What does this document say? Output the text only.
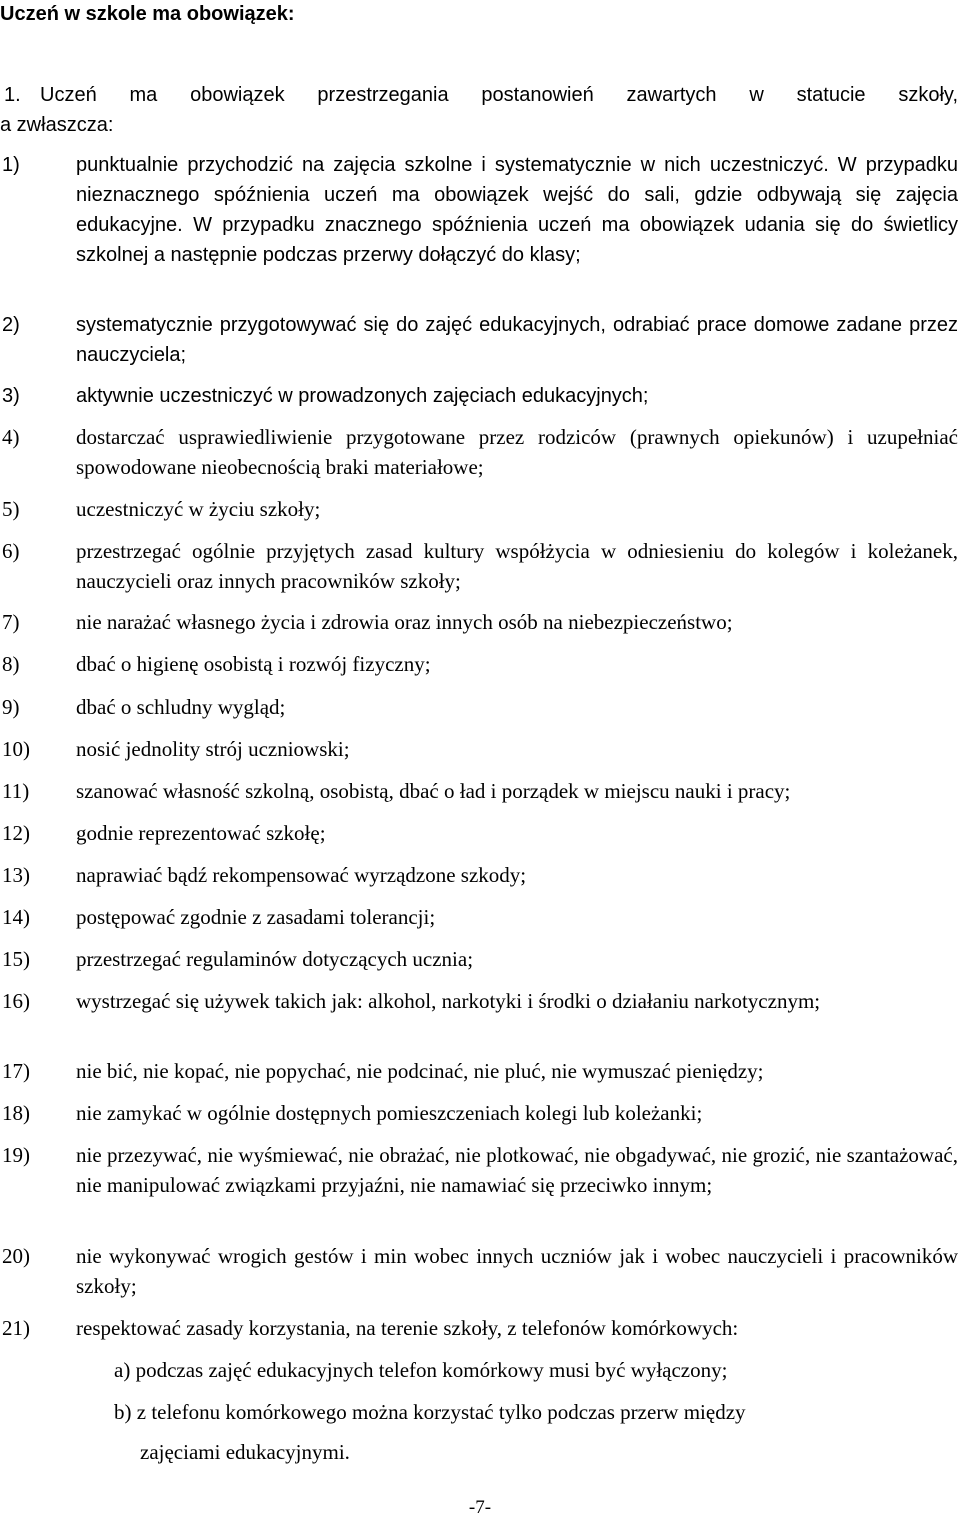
Uczeń w szkole ma obowiązek:
1. Uczeń ma obowiązek przestrzegania postanowień zawartych w statucie szkoły,
a zwłaszcza:
1)	punktualnie przychodzić na zajęcia szkolne i systematycznie w nich uczestniczyć. W przypadku nieznacznego spóźnienia uczeń ma obowiązek wejść do sali, gdzie odbywają się zajęcia edukacyjne. W przypadku znacznego spóźnienia uczeń ma obowiązek udania się do świetlicy szkolnej a następnie podczas przerwy dołączyć do klasy;
2)	systematycznie przygotowywać się do zajęć edukacyjnych, odrabiać prace domowe zadane przez nauczyciela;
3)	aktywnie uczestniczyć w prowadzonych zajęciach edukacyjnych;
4)	dostarczać usprawiedliwienie przygotowane przez rodziców (prawnych opiekunów) i uzupełniać spowodowane nieobecnością braki materiałowe;
5)	uczestniczyć w życiu szkoły;
6)	przestrzegać ogólnie przyjętych zasad kultury współżycia w odniesieniu do kolegów i koleżanek, nauczycieli oraz innych pracowników szkoły;
7)	nie narażać własnego życia i zdrowia oraz innych osób na niebezpieczeństwo;
8)	dbać o higienę osobistą i rozwój fizyczny;
9)	dbać o schludny wygląd;
10) nosić jednolity strój uczniowski;
11) szanować własność szkolną, osobistą, dbać o ład i porządek w miejscu nauki i pracy;
12) godnie reprezentować szkołę;
13) naprawiać bądź rekompensować wyrządzone szkody;
14) postępować zgodnie z zasadami tolerancji;
15) przestrzegać regulaminów dotyczących ucznia;
16) wystrzegać się używek takich jak: alkohol, narkotyki i środki o działaniu narkotycznym;
17) nie bić, nie kopać, nie popychać, nie podcinać, nie pluć, nie wymuszać pieniędzy;
18) nie zamykać w ogólnie dostępnych pomieszczeniach kolegi lub koleżanki;
19) nie przezywać, nie wyśmiewać, nie obrażać, nie plotkować, nie obgadywać, nie grozić, nie szantażować, nie manipulować związkami przyjaźni, nie namawiać się przeciwko innym;
20) nie wykonywać wrogich gestów i min wobec innych uczniów jak i wobec nauczycieli i pracowników szkoły;
21) respektować zasady korzystania, na terenie szkoły, z telefonów komórkowych:
a) podczas zajęć edukacyjnych telefon komórkowy musi być wyłączony;
b) z telefonu komórkowego można korzystać tylko podczas przerw między
zajęciami edukacyjnymi.
-7-
